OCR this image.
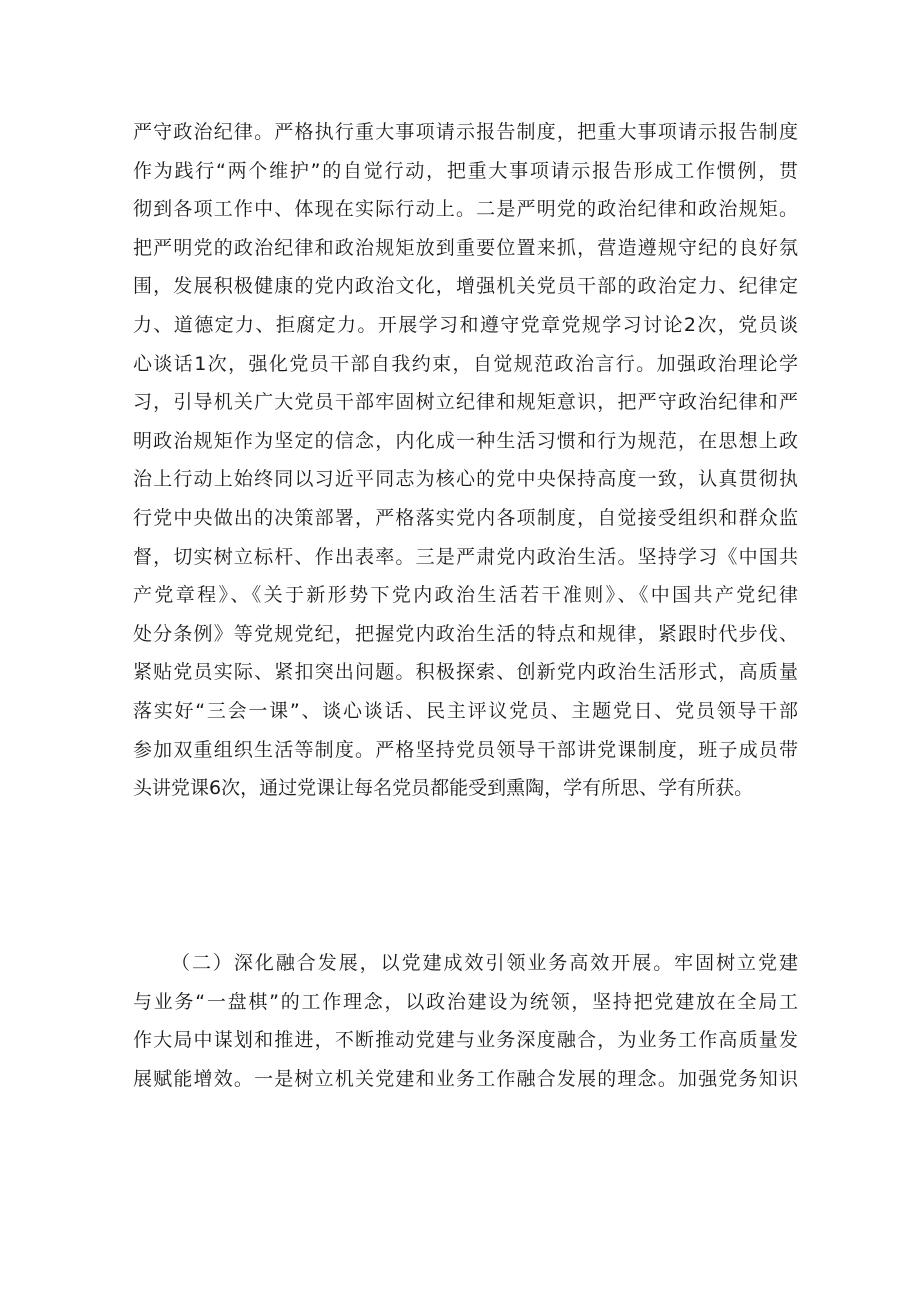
严守政治纪律。严格执行重大事项请示报告制度，把重大事项请示报告制度
作为践行“两个维护”的自觉行动，把重大事项请示报告形成工作惯例，贯
彻到各项工作中、体现在实际行动上。二是严明党的政治纪律和政治规矩。
把严明党的政治纪律和政治规矩放到重要位置来抓，营造遵规守纪的良好氛
围，发展积极健康的党内政治文化，增强机关党员干部的政治定力、纪律定
力、道德定力、拒腐定力。开展学习和遵守党章党规学习讨论2次，党员谈
心谈话1次，强化党员干部自我约束，自觉规范政治言行。加强政治理论学
习，引导机关广大党员干部牢固树立纪律和规矩意识，把严守政治纪律和严
明政治规矩作为坚定的信念，内化成一种生活习惯和行为规范，在思想上政
治上行动上始终同以习近平同志为核心的党中央保持高度一致，认真贯彻执
行党中央做出的决策部署，严格落实党内各项制度，自觉接受组织和群众监
督，切实树立标杆、作出表率。三是严肃党内政治生活。坚持学习《中国共
产党章程》、《关于新形势下党内政治生活若干准则》、《中国共产党纪律
处分条例》等党规党纪，把握党内政治生活的特点和规律，紧跟时代步伐、
紧贴党员实际、紧扣突出问题。积极探索、创新党内政治生活形式，高质量
落实好“三会一课”、谈心谈话、民主评议党员、主题党日、党员领导干部
参加双重组织生活等制度。严格坚持党员领导干部讲党课制度，班子成员带
头讲党课6次，通过党课让每名党员都能受到熏陶，学有所思、学有所获。
（二）深化融合发展，以党建成效引领业务高效开展。牢固树立党建
与业务“一盘棋”的工作理念，以政治建设为统领，坚持把党建放在全局工
作大局中谋划和推进，不断推动党建与业务深度融合，为业务工作高质量发
展赋能增效。一是树立机关党建和业务工作融合发展的理念。加强党务知识
